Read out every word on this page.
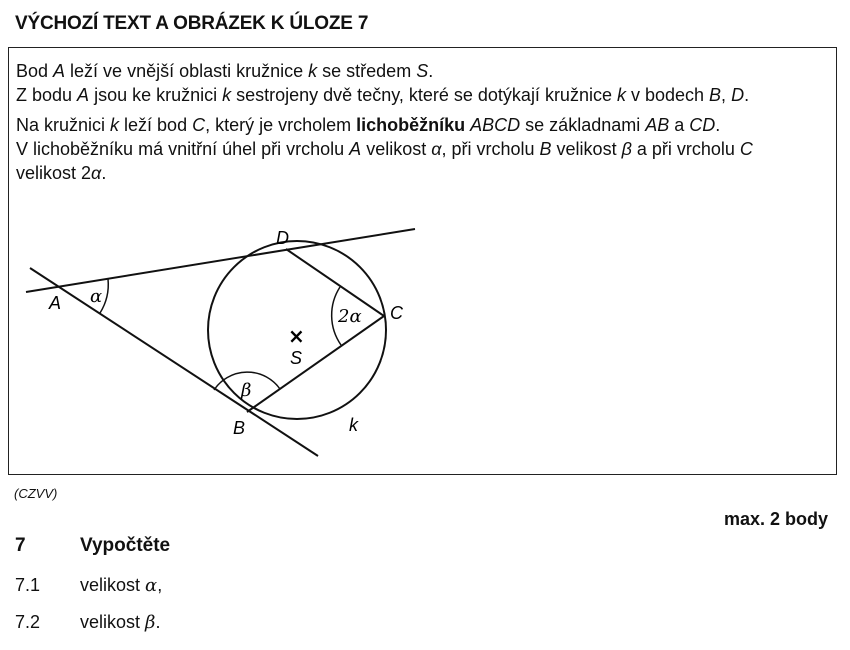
VÝCHOZÍ TEXT A OBRÁZEK K ÚLOZE 7

Bod A leží ve vnější oblasti kružnice k se středem S.

Z bodu A jsou ke kružnici k sestrojeny dvě tečny, které se dotýkají kružnice k v bodech B, D.

Na kružnici k leží bod C, který je vrcholem lichoběžníku ABCD se základnami AB a CD.

V lichoběžníku má vnitřní úhel při vrcholu A velikost α, při vrcholu B velikost β a při vrcholu C

velikost 2α.

A
D
C
B
S
k
α
2α
β
×
(CZVV)
max. 2 body
7	Vypočtěte
7.1 velikost α,
7.2 velikost β.
